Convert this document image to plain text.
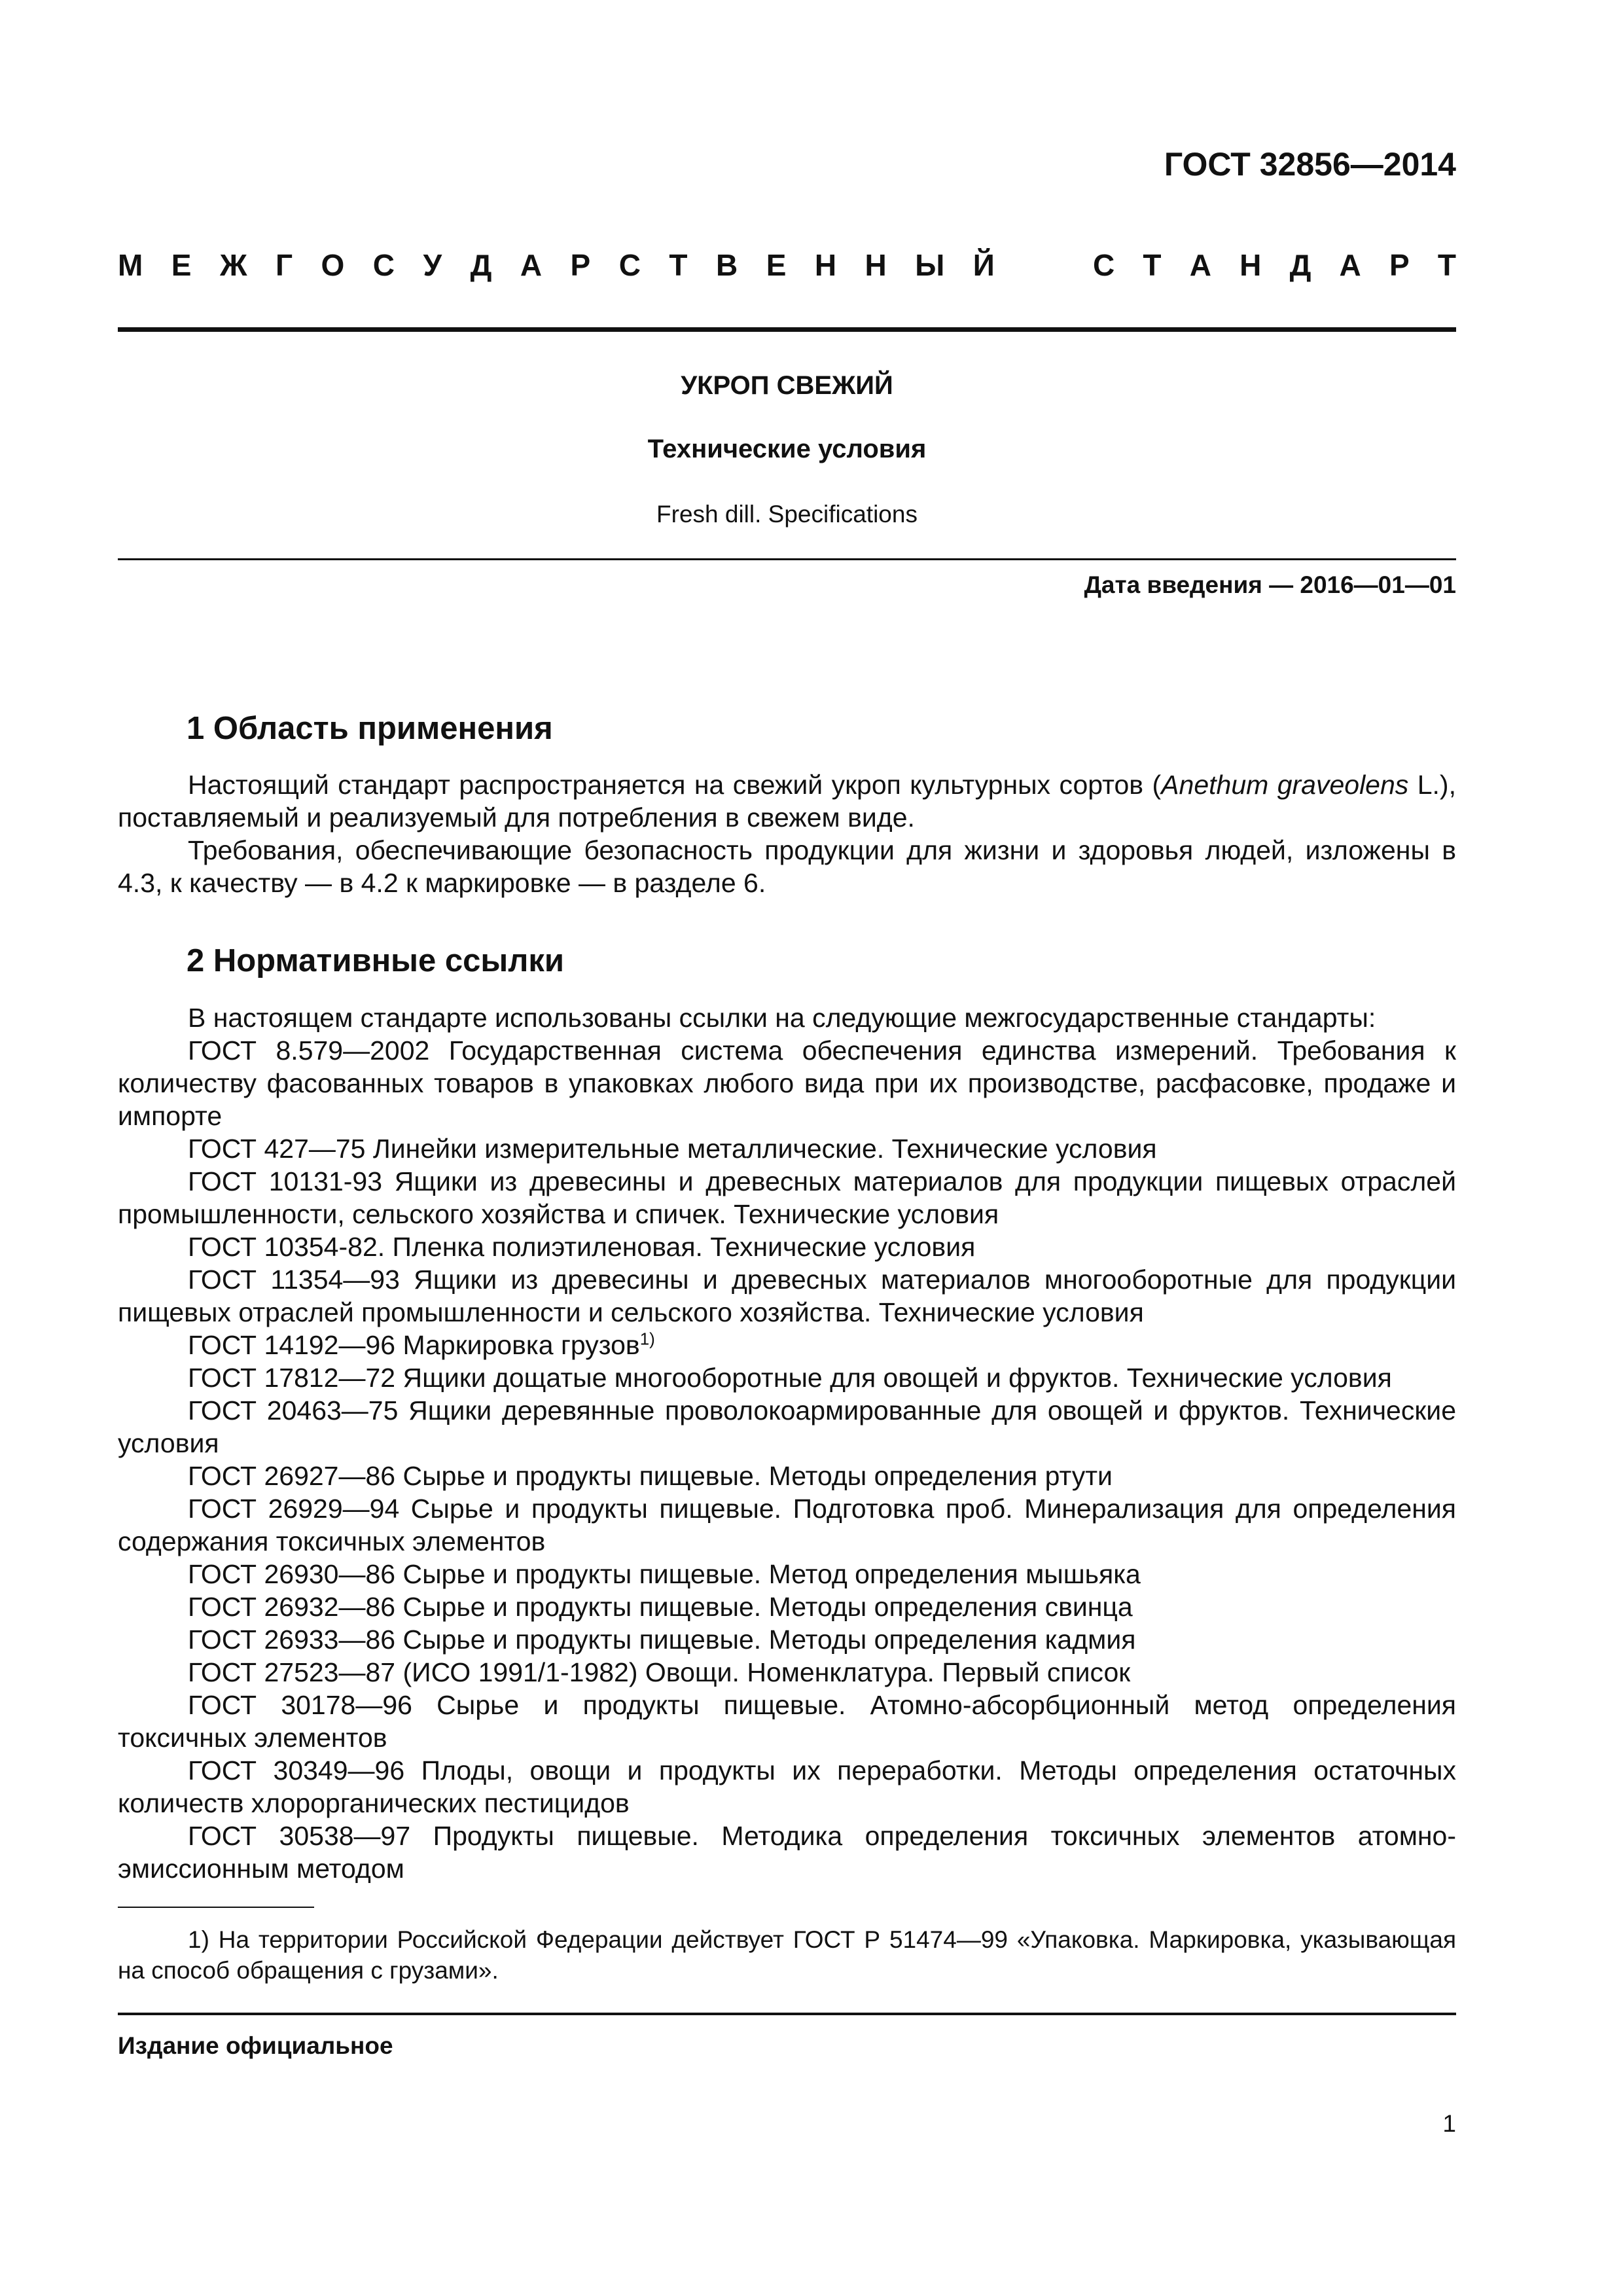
ГОСТ 32856—2014
М Е Ж Г О С У Д А Р С Т В Е Н Н Ы Й	С Т А Н Д А Р Т
УКРОП СВЕЖИЙ
Технические условия
Fresh dill. Specifications
Дата введения — 2016—01—01
1 Область применения

Настоящий стандарт распространяется на свежий укроп культурных сортов (Anethum graveolens L.), поставляемый и реализуемый для потребления в свежем виде.

Требования, обеспечивающие безопасность продукции для жизни и здоровья людей, изложены в 4.3, к качеству — в 4.2 к маркировке — в разделе 6.

2 Нормативные ссылки

В настоящем стандарте использованы ссылки на следующие межгосударственные стандарты:

ГОСТ 8.579—2002 Государственная система обеспечения единства измерений. Требования к количеству фасованных товаров в упаковках любого вида при их производстве, расфасовке, продаже и импорте

ГОСТ 427—75 Линейки измерительные металлические. Технические условия

ГОСТ 10131-93 Ящики из древесины и древесных материалов для продукции пищевых отраслей промышленности, сельского хозяйства и спичек. Технические условия

ГОСТ 10354-82. Пленка полиэтиленовая. Технические условия

ГОСТ 11354—93 Ящики из древесины и древесных материалов многооборотные для продукции пищевых отраслей промышленности и сельского хозяйства. Технические условия

ГОСТ 14192—96 Маркировка грузов$^{1)}$

ГОСТ 17812—72 Ящики дощатые многооборотные для овощей и фруктов. Технические условия

ГОСТ 20463—75 Ящики деревянные проволокоармированные для овощей и фруктов. Технические условия

ГОСТ 26927—86 Сырье и продукты пищевые. Методы определения ртути

ГОСТ 26929—94 Сырье и продукты пищевые. Подготовка проб. Минерализация для определения содержания токсичных элементов

ГОСТ 26930—86 Сырье и продукты пищевые. Метод определения мышьяка

ГОСТ 26932—86 Сырье и продукты пищевые. Методы определения свинца

ГОСТ 26933—86 Сырье и продукты пищевые. Методы определения кадмия

ГОСТ 27523—87 (ИСО 1991/1-1982) Овощи. Номенклатура. Первый список

ГОСТ 30178—96 Сырье и продукты пищевые. Атомно-абсорбционный метод определения токсичных элементов

ГОСТ 30349—96 Плоды, овощи и продукты их переработки. Методы определения остаточных количеств хлорорганических пестицидов

ГОСТ 30538—97 Продукты пищевые. Методика определения токсичных элементов атомно-эмиссионным методом

1) На территории Российской Федерации действует ГОСТ Р 51474—99 «Упаковка. Маркировка, указывающая на способ обращения с грузами».

Издание официальное
1
